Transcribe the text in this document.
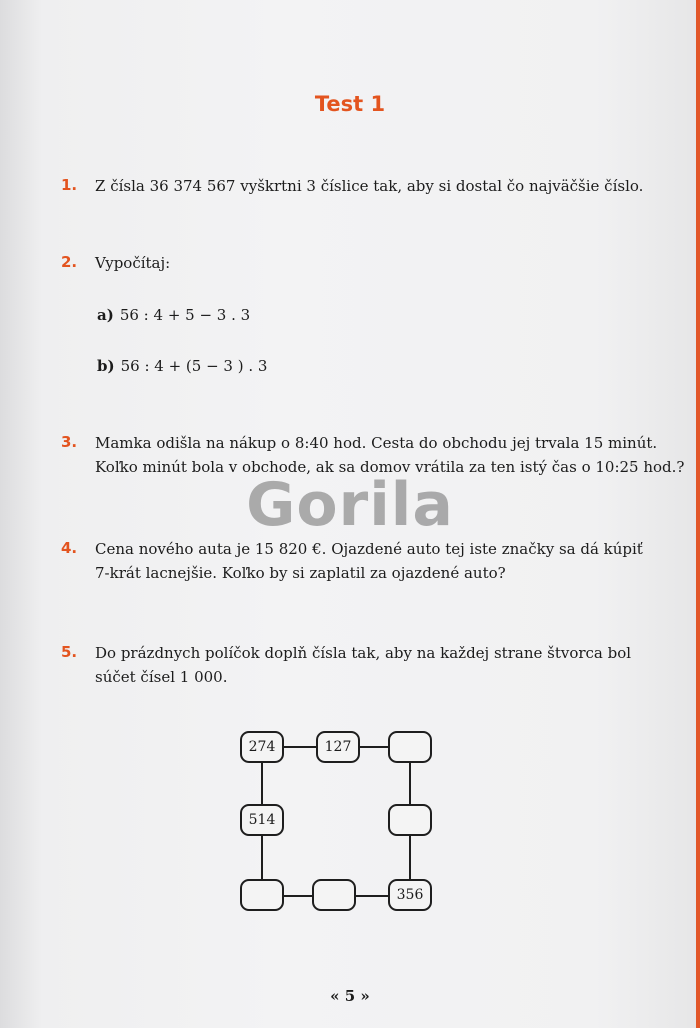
Test 1
1. Z čísla 36 374 567 vyškrtni 3 číslice tak, aby si dostal čo najväčšie číslo.
2. Vypočítaj:
a) 56 : 4 + 5 − 3 . 3
b) 56 : 4 + (5 − 3 ) . 3
3. Mamka odišla na nákup o 8:40 hod. Cesta do obchodu jej trvala 15 minút.
Koľko minút bola v obchode, ak sa domov vrátila za ten istý čas o 10:25 hod.?
Gorila
4. Cena nového auta je 15 820 €. Ojazdené auto tej iste značky sa dá kúpiť
7-krát lacnejšie. Koľko by si zaplatil za ojazdené auto?
5. Do prázdnych políčok doplň čísla tak, aby na každej strane štvorca bol
súčet čísel 1 000.
274	127
514
356
« 5 »
